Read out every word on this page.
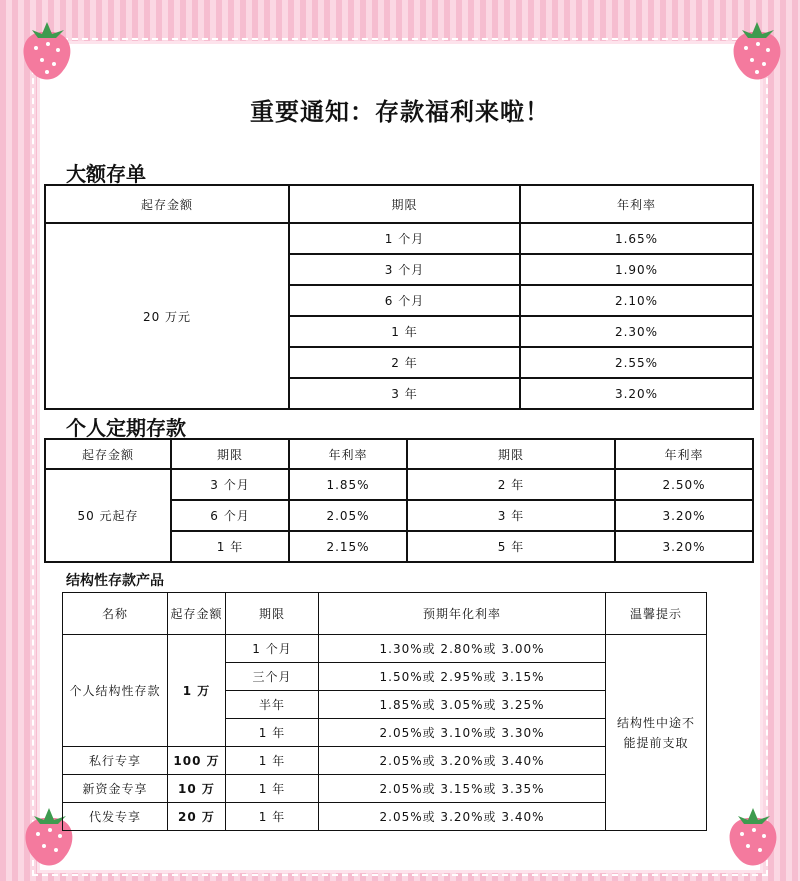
重要通知：存款福利来啦！
大额存单
起存金额	期限	年利率
20 万元	1 个月	1.65%
	3 个月	1.90%
	6 个月	2.10%
	1 年	2.30%
	2 年	2.55%
	3 年	3.20%
个人定期存款
起存金额	期限	年利率	期限	年利率
50 元起存	3 个月	1.85%	2 年	2.50%
	6 个月	2.05%	3 年	3.20%
	1 年	2.15%	5 年	3.20%
结构性存款产品
名称	起存金额	期限	预期年化利率	温馨提示
个人结构性存款	1 万	1 个月	1.30%或 2.80%或 3.00%	结构性中途不能提前支取

		三个月	1.50%或 2.95%或 3.15%	
		半年	1.85%或 3.05%或 3.25%	
		1 年	2.05%或 3.10%或 3.30%	
私行专享	100 万	1 年	2.05%或 3.20%或 3.40%	
新资金专享	10 万	1 年	2.05%或 3.15%或 3.35%	
代发专享	20 万	1 年	2.05%或 3.20%或 3.40%	
